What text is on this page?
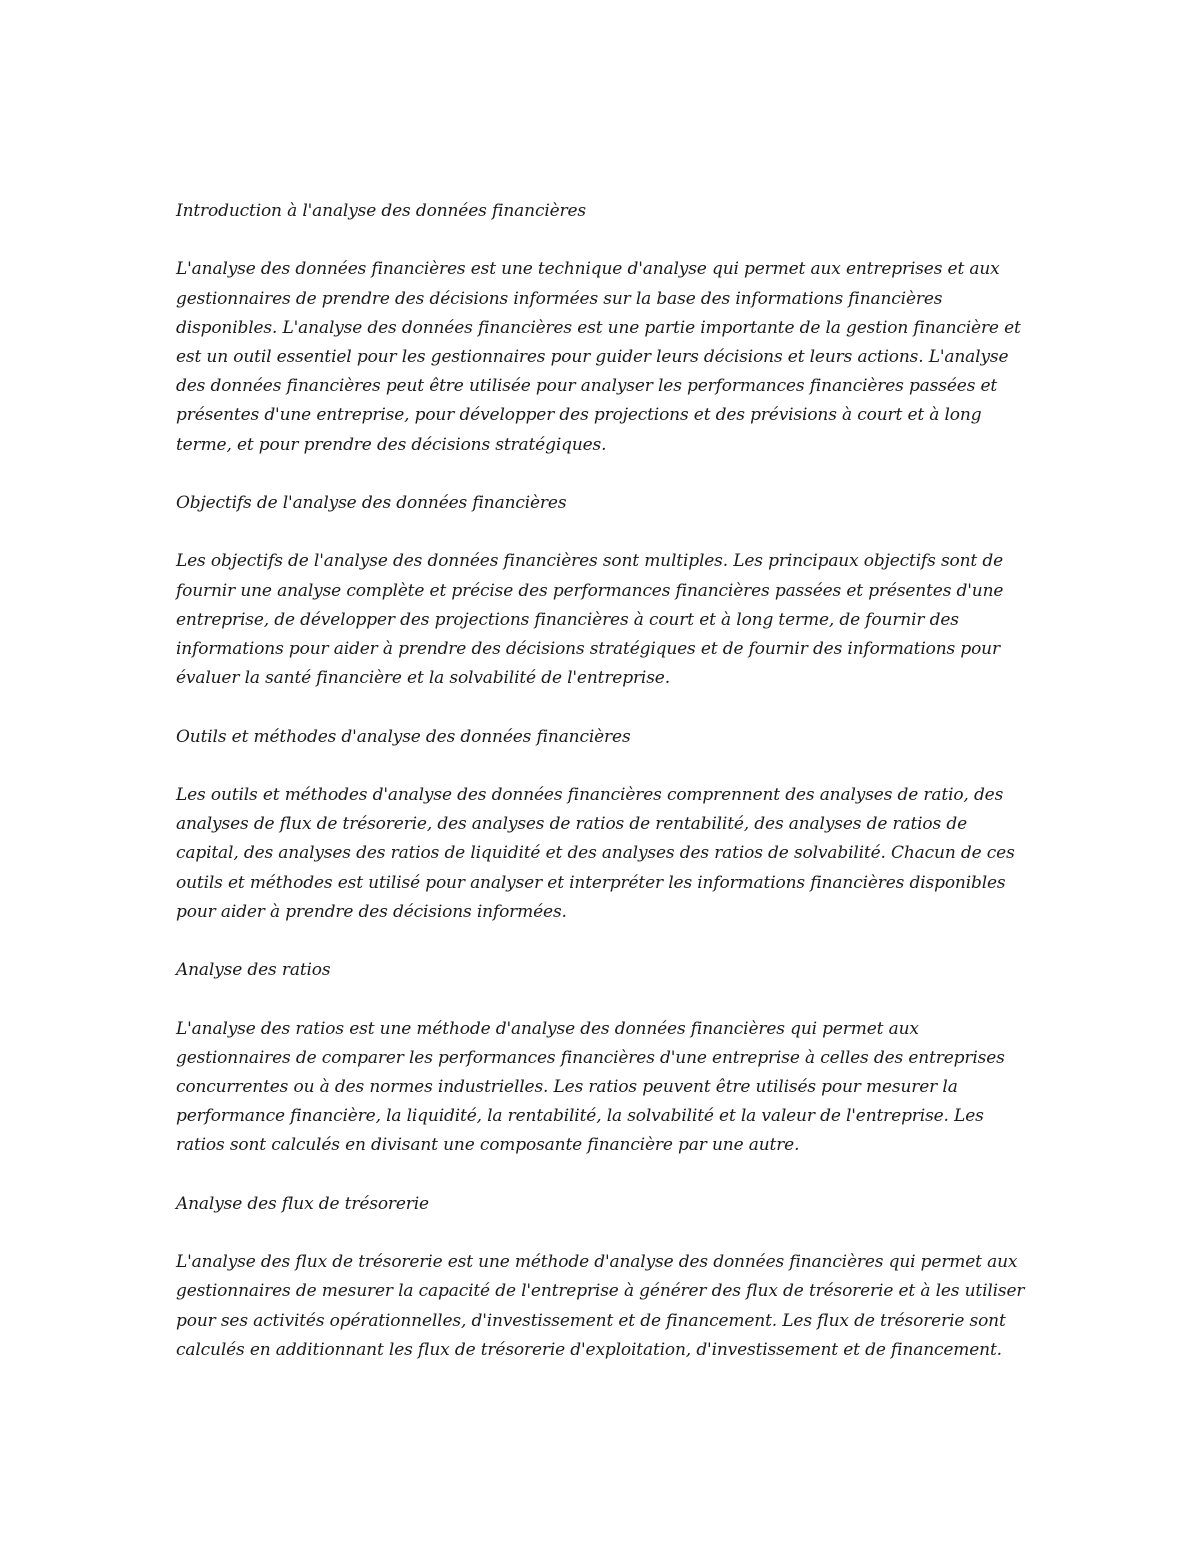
Introduction à l'analyse des données financières
L'analyse des données financières est une technique d'analyse qui permet aux entreprises et aux gestionnaires de prendre des décisions informées sur la base des informations financières disponibles. L'analyse des données financières est une partie importante de la gestion financière et est un outil essentiel pour les gestionnaires pour guider leurs décisions et leurs actions. L'analyse des données financières peut être utilisée pour analyser les performances financières passées et présentes d'une entreprise, pour développer des projections et des prévisions à court et à long terme, et pour prendre des décisions stratégiques.
Objectifs de l'analyse des données financières
Les objectifs de l'analyse des données financières sont multiples. Les principaux objectifs sont de fournir une analyse complète et précise des performances financières passées et présentes d'une entreprise, de développer des projections financières à court et à long terme, de fournir des informations pour aider à prendre des décisions stratégiques et de fournir des informations pour évaluer la santé financière et la solvabilité de l'entreprise.
Outils et méthodes d'analyse des données financières
Les outils et méthodes d'analyse des données financières comprennent des analyses de ratio, des analyses de flux de trésorerie, des analyses de ratios de rentabilité, des analyses de ratios de capital, des analyses des ratios de liquidité et des analyses des ratios de solvabilité. Chacun de ces outils et méthodes est utilisé pour analyser et interpréter les informations financières disponibles pour aider à prendre des décisions informées.
Analyse des ratios
L'analyse des ratios est une méthode d'analyse des données financières qui permet aux gestionnaires de comparer les performances financières d'une entreprise à celles des entreprises concurrentes ou à des normes industrielles. Les ratios peuvent être utilisés pour mesurer la performance financière, la liquidité, la rentabilité, la solvabilité et la valeur de l'entreprise. Les ratios sont calculés en divisant une composante financière par une autre.
Analyse des flux de trésorerie
L'analyse des flux de trésorerie est une méthode d'analyse des données financières qui permet aux gestionnaires de mesurer la capacité de l'entreprise à générer des flux de trésorerie et à les utiliser pour ses activités opérationnelles, d'investissement et de financement. Les flux de trésorerie sont calculés en additionnant les flux de trésorerie d'exploitation, d'investissement et de financement.
